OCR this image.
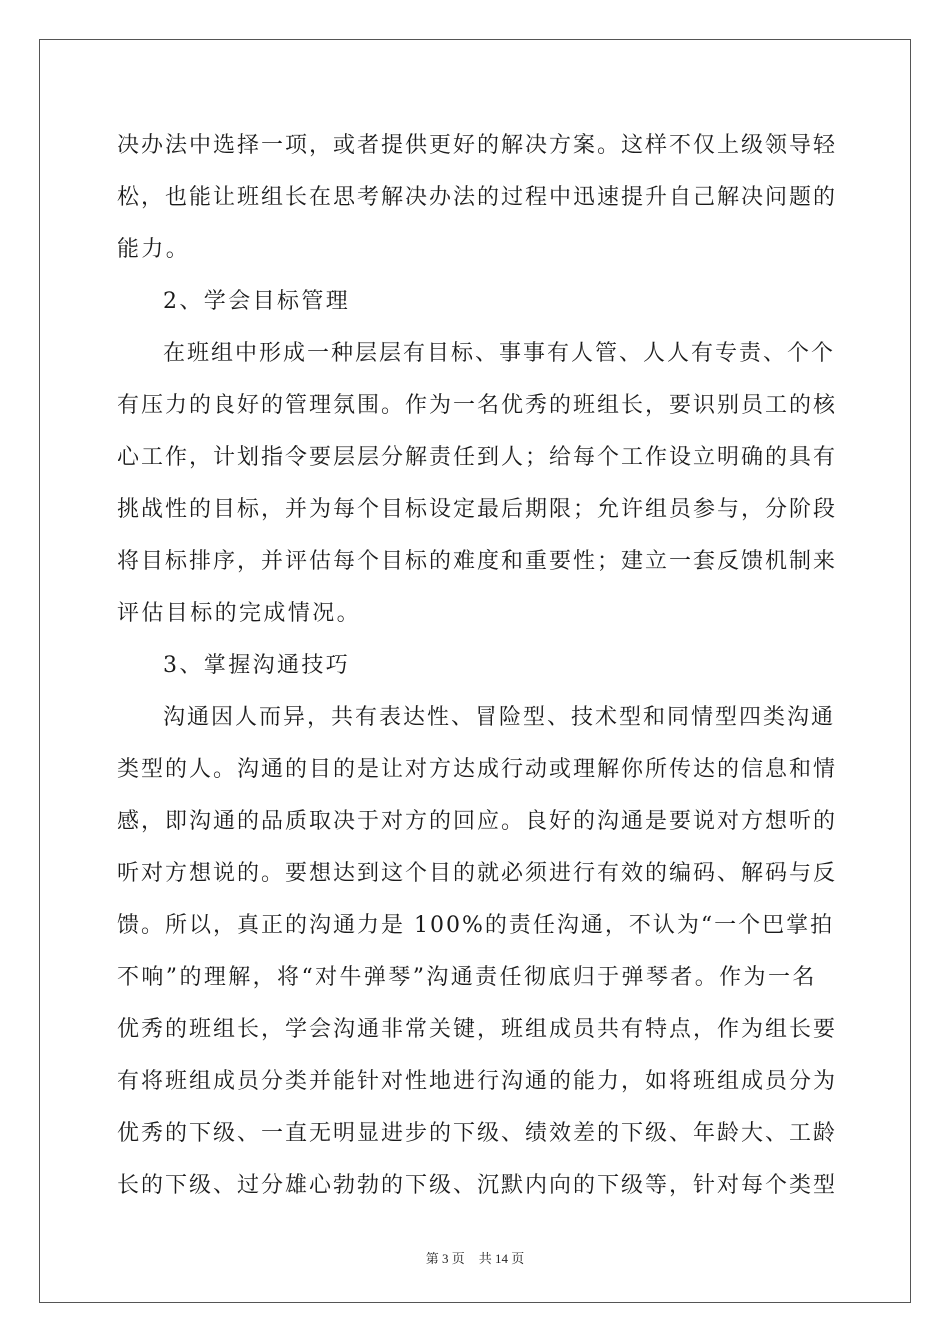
决办法中选择一项，或者提供更好的解决方案。这样不仅上级领导轻
松，也能让班组长在思考解决办法的过程中迅速提升自己解决问题的
能力。
2、学会目标管理
在班组中形成一种层层有目标、事事有人管、人人有专责、个个
有压力的良好的管理氛围。作为一名优秀的班组长，要识别员工的核
心工作，计划指令要层层分解责任到人；给每个工作设立明确的具有
挑战性的目标，并为每个目标设定最后期限；允许组员参与，分阶段
将目标排序，并评估每个目标的难度和重要性；建立一套反馈机制来
评估目标的完成情况。
3、掌握沟通技巧
沟通因人而异，共有表达性、冒险型、技术型和同情型四类沟通
类型的人。沟通的目的是让对方达成行动或理解你所传达的信息和情
感，即沟通的品质取决于对方的回应。良好的沟通是要说对方想听的
听对方想说的。要想达到这个目的就必须进行有效的编码、解码与反
馈。所以，真正的沟通力是 100%的责任沟通，不认为“一个巴掌拍
不响”的理解，将“对牛弹琴”沟通责任彻底归于弹琴者。作为一名
优秀的班组长，学会沟通非常关键，班组成员共有特点，作为组长要
有将班组成员分类并能针对性地进行沟通的能力，如将班组成员分为
优秀的下级、一直无明显进步的下级、绩效差的下级、年龄大、工龄
长的下级、过分雄心勃勃的下级、沉默内向的下级等，针对每个类型
第 3 页 共 14 页
